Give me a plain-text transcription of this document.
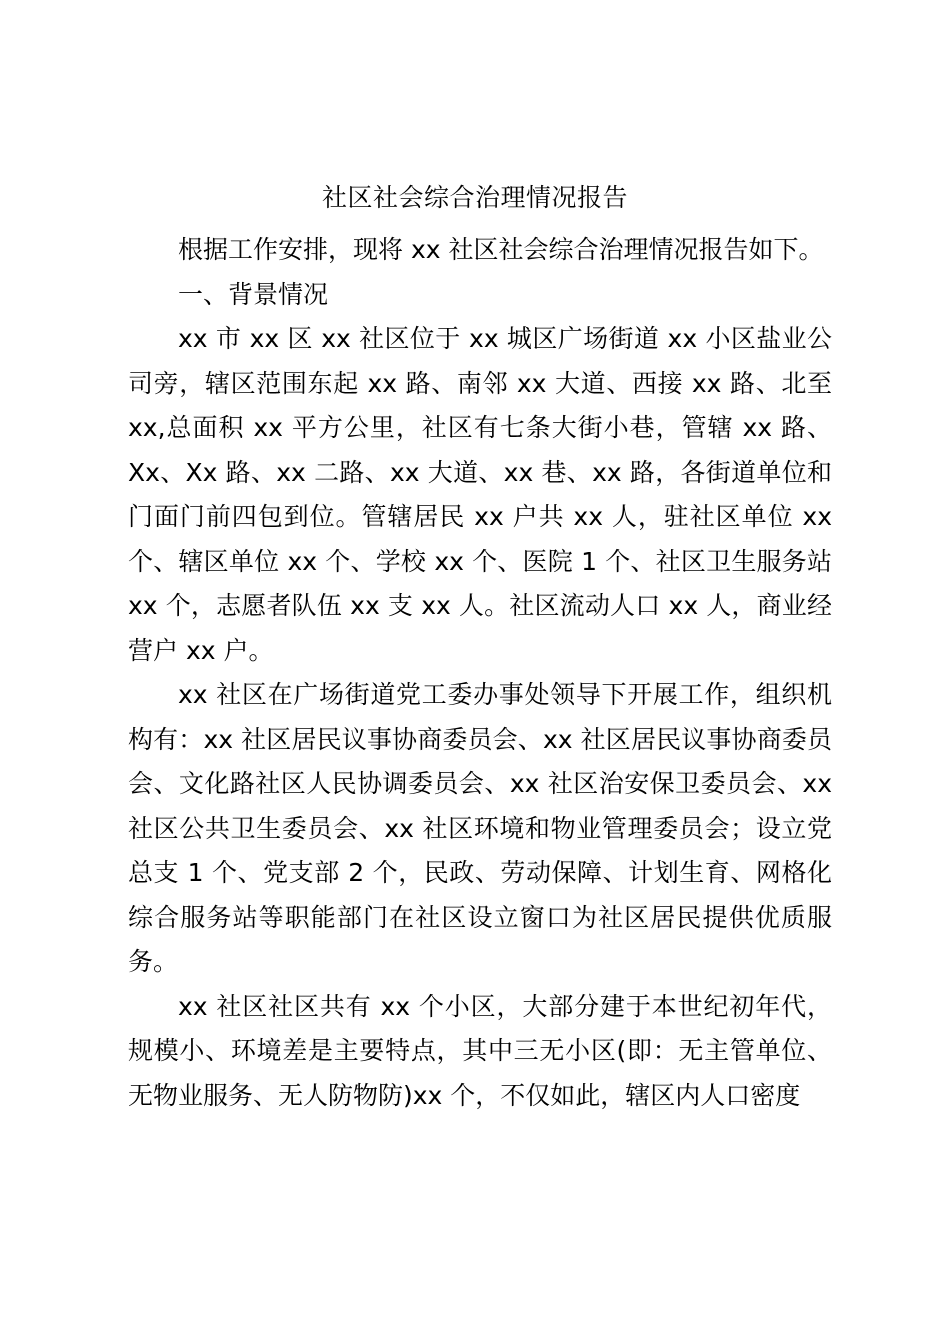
社区社会综合治理情况报告

根据工作安排，现将 xx 社区社会综合治理情况报告如下。

一、背景情况

xx 市 xx 区 xx 社区位于 xx 城区广场街道 xx 小区盐业公司旁，辖区范围东起 xx 路、南邻 xx 大道、西接 xx 路、北至 xx,总面积 xx 平方公里，社区有七条大街小巷，管辖 xx 路、Xx、Xx 路、xx 二路、xx 大道、xx 巷、xx 路，各街道单位和门面门前四包到位。管辖居民 xx 户共 xx 人，驻社区单位 xx 个、辖区单位 xx 个、学校 xx 个、医院 1 个、社区卫生服务站 xx 个，志愿者队伍 xx 支 xx 人。社区流动人口 xx 人，商业经营户 xx 户。

xx 社区在广场街道党工委办事处领导下开展工作，组织机构有：xx 社区居民议事协商委员会、xx 社区居民议事协商委员会、文化路社区人民协调委员会、xx 社区治安保卫委员会、xx 社区公共卫生委员会、xx 社区环境和物业管理委员会；设立党总支 1 个、党支部 2 个，民政、劳动保障、计划生育、网格化综合服务站等职能部门在社区设立窗口为社区居民提供优质服务。

xx 社区社区共有 xx 个小区，大部分建于本世纪初年代，规模小、环境差是主要特点，其中三无小区(即：无主管单位、无物业服务、无人防物防)xx 个，不仅如此，辖区内人口密度
